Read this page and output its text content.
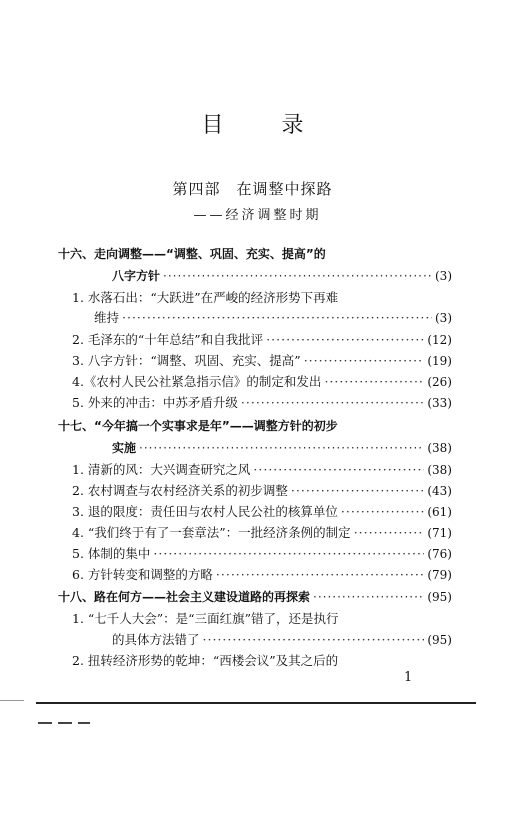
目　录
第四部　在调整中探路
——经济调整时期
十六、走向调整——“调整、巩固、充实、提高”的
八字方针 ·····	(3)
1. 水落石出：“大跃进”在严峻的经济形势下再难
维持 ·····	(3)
2. 毛泽东的“十年总结”和自我批评 ·····	(12)
3. 八字方针：“调整、巩固、充实、提高” ·····	(19)
4.《农村人民公社紧急指示信》的制定和发出 ·····	(26)
5. 外来的冲击：中苏矛盾升级 ·····	(33)
十七、“今年搞一个实事求是年”——调整方针的初步
实施 ·····	(38)
1. 清新的风：大兴调查研究之风 ·····	(38)
2. 农村调查与农村经济关系的初步调整 ·····	(43)
3. 退的限度：责任田与农村人民公社的核算单位 ·····	(61)
4. “我们终于有了一套章法”：一批经济条例的制定 ·····	(71)
5. 体制的集中 ·····	(76)
6. 方针转变和调整的方略 ·····	(79)
十八、路在何方——社会主义建设道路的再探索 ·····	(95)
1. “七千人大会”：是“三面红旗”错了，还是执行
的具体方法错了 ·····	(95)
2. 扭转经济形势的乾坤：“西楼会议”及其之后的
1
